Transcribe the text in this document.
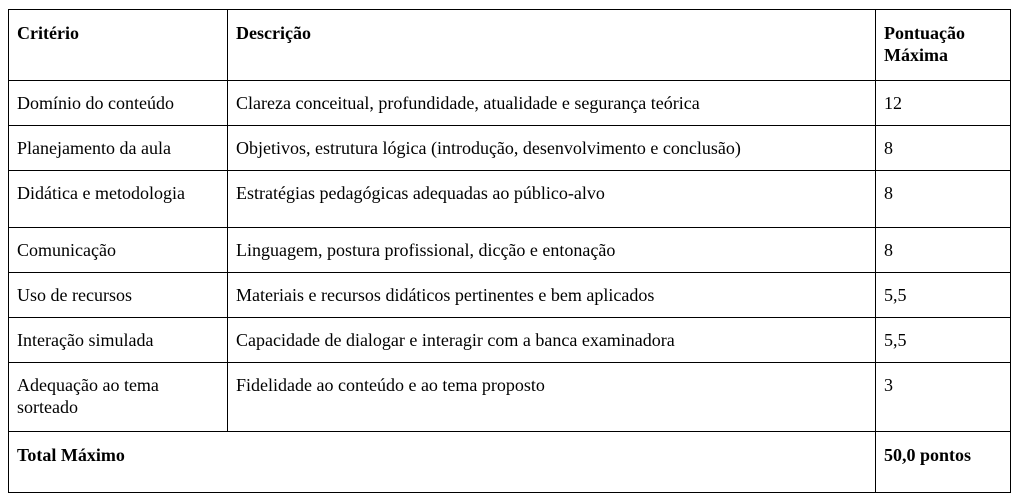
Critério	Descrição	Pontuação
Máxima
Domínio do conteúdo	Clareza conceitual, profundidade, atualidade e segurança teórica	12
Planejamento da aula	Objetivos, estrutura lógica (introdução, desenvolvimento e conclusão)	8
Didática e metodologia	Estratégias pedagógicas adequadas ao público-alvo	8
Comunicação	Linguagem, postura profissional, dicção e entonação	8
Uso de recursos	Materiais e recursos didáticos pertinentes e bem aplicados	5,5
Interação simulada	Capacidade de dialogar e interagir com a banca examinadora	5,5
Adequação ao tema sorteado	Fidelidade ao conteúdo e ao tema proposto	3
Total Máximo		50,0 pontos
